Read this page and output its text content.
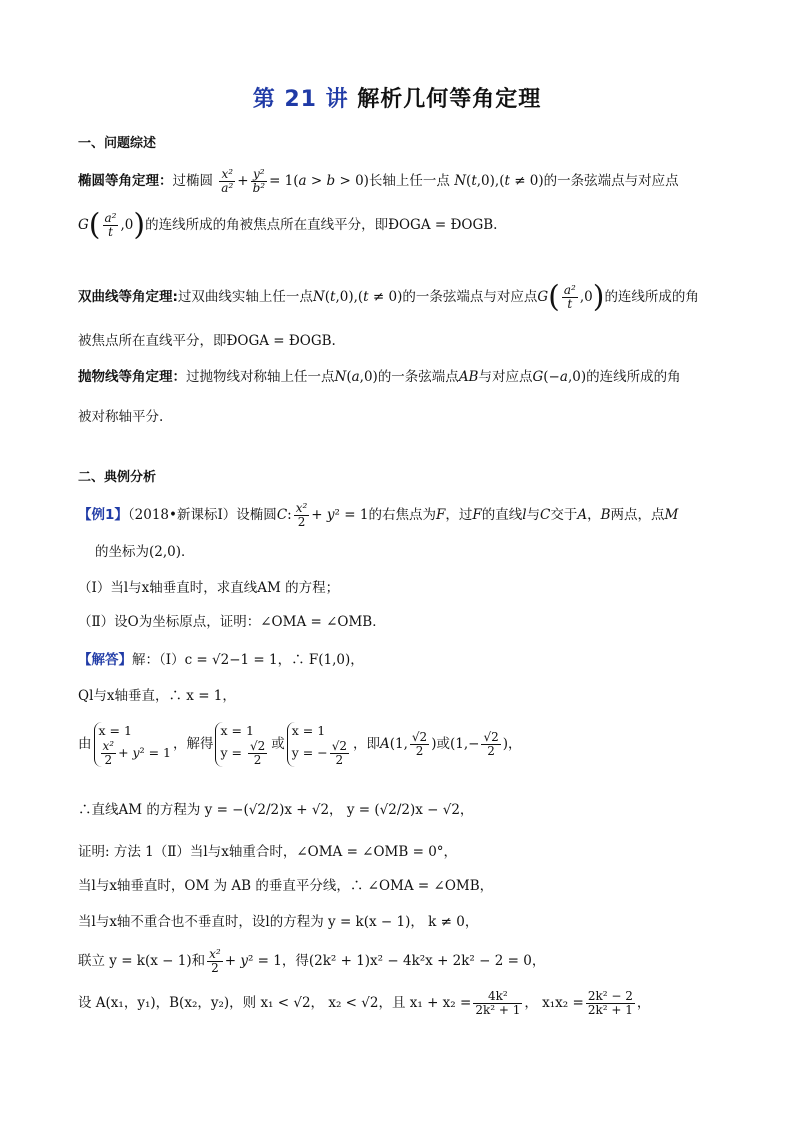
第 21 讲 解析几何等角定理
一、问题综述
椭圆等角定理：过椭圆 $\frac{\text{x²}}{\text{a²}} + \frac{\text{y²}}{\text{b²}} = 1(a > b > 0)$长轴上任一点 N(t,0),(t ≠ 0)的一条弦端点与对应点
$G( \frac{\text{a²}}{t} ,0)$的连线所成的角被焦点所在直线平分，即ÐOGA = ÐOGB.
双曲线等角定理:过双曲线实轴上任一点N(t,0),(t ≠ 0)的一条弦端点与对应点$G( \frac{\text{a²}}{t} ,0)$的连线所成的角
被焦点所在直线平分，即ÐOGA = ÐOGB.
抛物线等角定理：过抛物线对称轴上任一点N(a,0)的一条弦端点AB与对应点G(−a,0)的连线所成的角
被对称轴平分.
二、典例分析
【例1】（2018•新课标Ⅰ）设椭圆C: $\frac{\text{x²}}{2} + y^2 = 1$的右焦点为F，过F的直线l与C交于A，B两点，点M
的坐标为(2,0)．
（Ⅰ）当l与x轴垂直时，求直线AM 的方程；
（Ⅱ）设O为坐标原点，证明：∠OMA = ∠OMB．
【解答】解：（Ⅰ）c = √2−1 = 1，∴ F(1,0)，
Ql与x轴垂直，∴ x = 1，
由
x = 1
$\frac{\text{x²}}{2} + y^2 = 1$
，解得
x = 1
$y = \frac{√2}{2}$ 或
x = 1
y = − $\frac{√2}{2}$ ，即A(1, $\frac{√2}{2}$ )或($1,- \frac{√2}{2}$ )，
∴直线AM 的方程为 y = −(√2/2)x + √2， y = (√2/2)x − √2，
证明: 方法 1（Ⅱ）当l与x轴重合时，∠OMA = ∠OMB = 0°，
当l与x轴垂直时，OM 为 AB 的垂直平分线，∴ ∠OMA = ∠OMB，
当l与x轴不重合也不垂直时，设l的方程为 y = k(x − 1)， k ≠ 0，
联立 y = k(x − 1)和 $\frac{\text{x²}}{2} + y^2 = 1$，得(2k² + 1)x² − 4k²x + 2k² − 2 = 0，
设 A(x₁，y₁)，B(x₂，y₂)，则 x₁ < √2， x₂ < √2，且 $x_1 + x_2 = \frac{\text{4k²}}{\text{2k² + 1}}$ ， $x_1x_2 = \frac{\text{2k² − 2}}{\text{2k² + 1}}$ ，
